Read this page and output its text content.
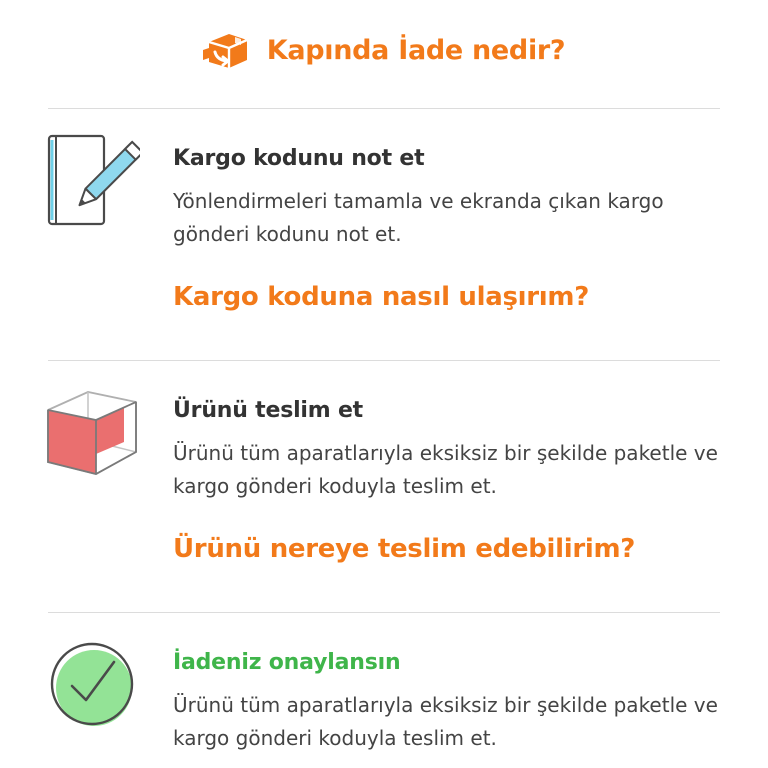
Kapında İade nedir?

Kargo kodunu not et

Yönlendirmeleri tamamla ve ekranda çıkan kargo gönderi kodunu not et.

Kargo koduna nasıl ulaşırım?

Ürünü teslim et

Ürünü tüm aparatlarıyla eksiksiz bir şekilde paketle ve kargo gönderi koduyla teslim et.

Ürünü nereye teslim edebilirim?

İadeniz onaylansın

Ürünü tüm aparatlarıyla eksiksiz bir şekilde paketle ve kargo gönderi koduyla teslim et.
